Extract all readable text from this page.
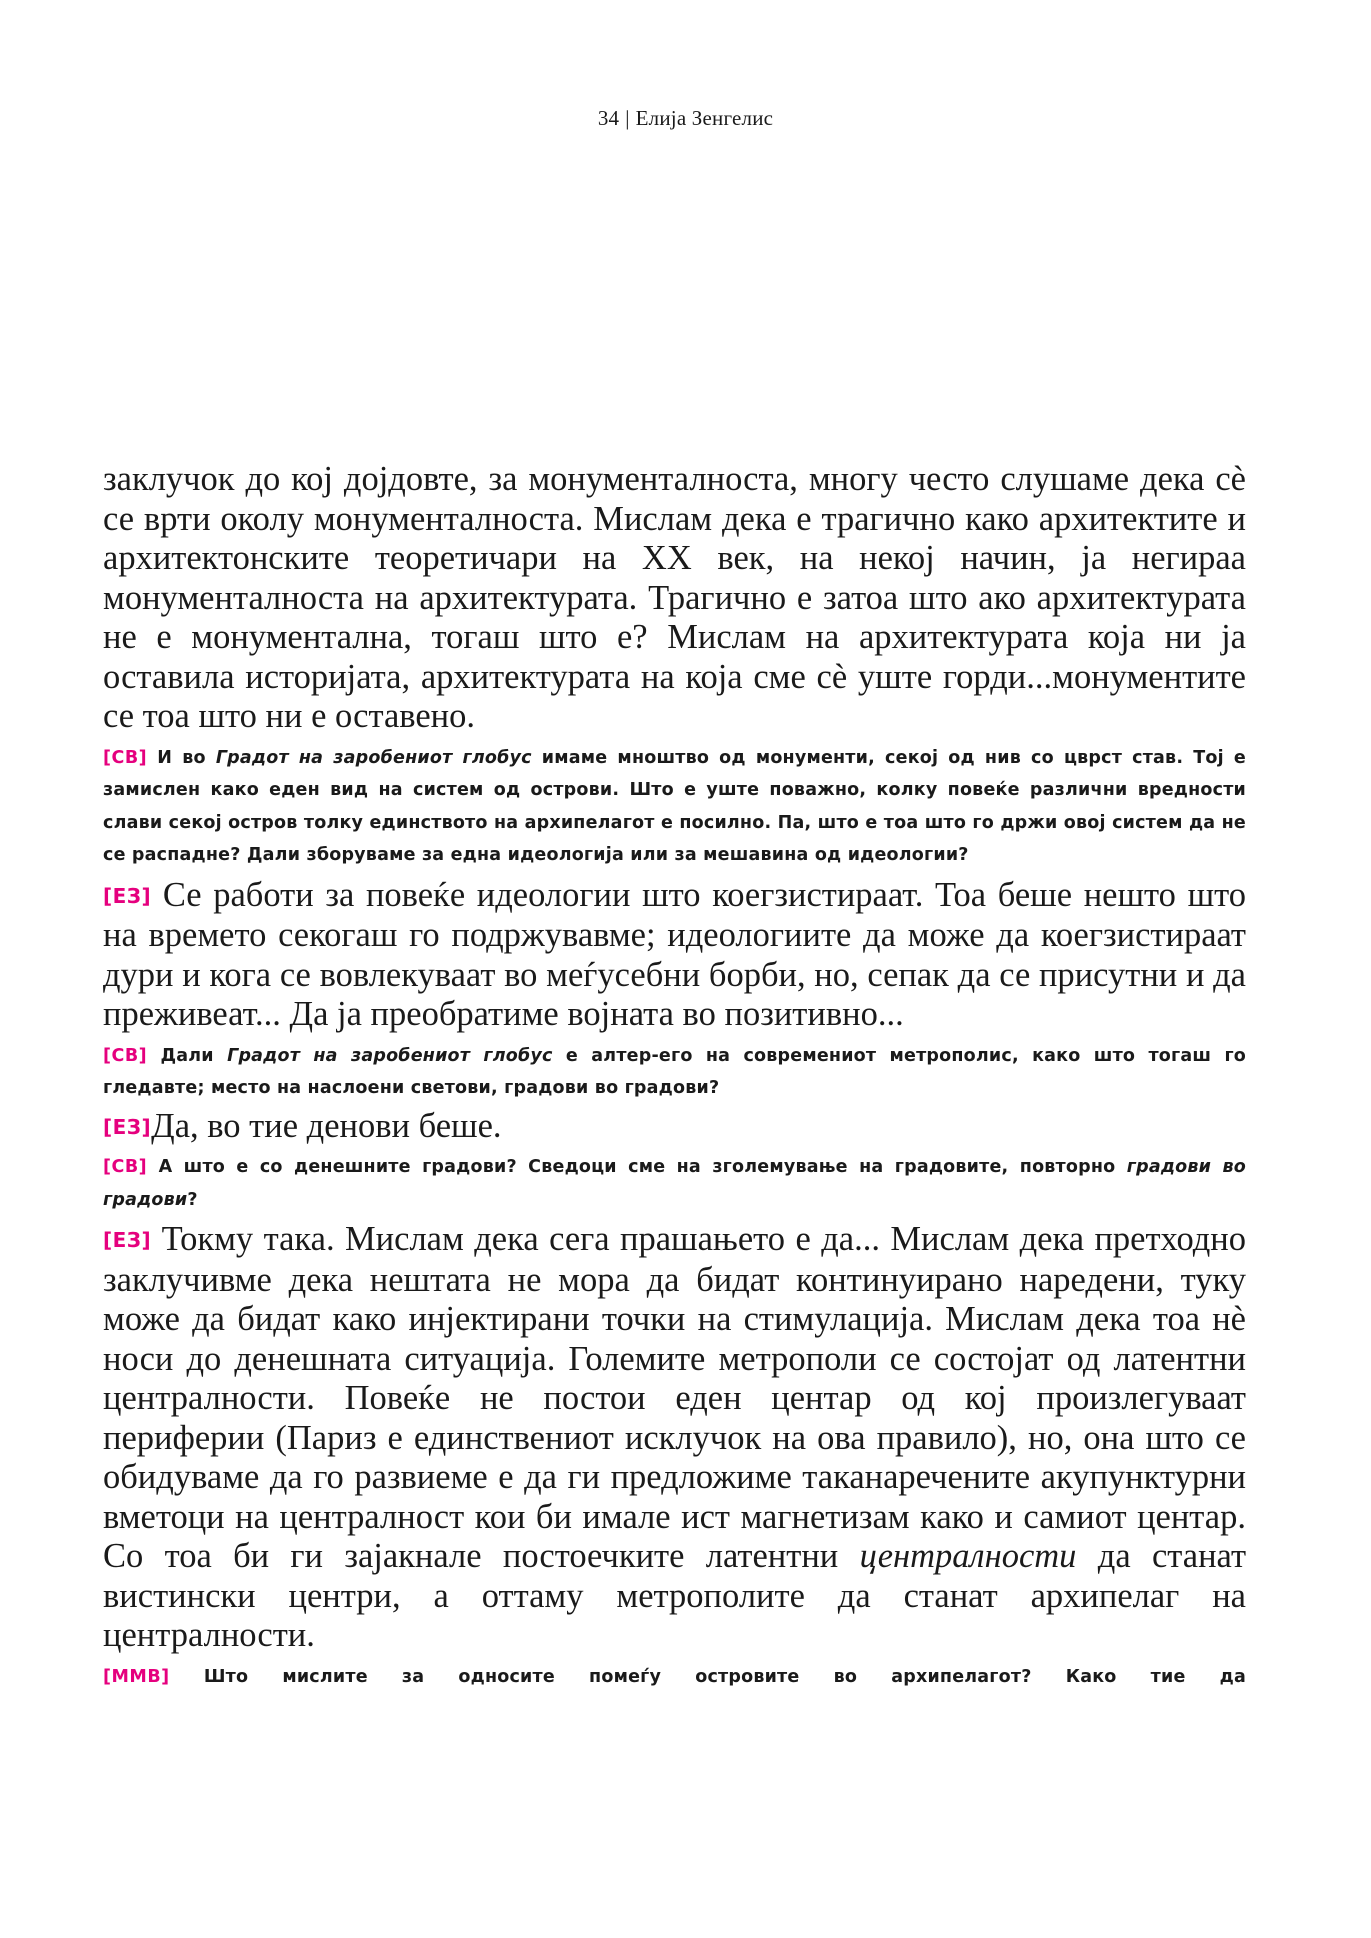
34 | Елија Зенгелис

заклучок до кој дојдовте, за монументалноста, многу често слушаме дека сè се врти околу монументалноста. Мислам дека е трагично како архитектите и архитектонските теоретичари на XX век, на некој начин, ја негираа монументалноста на архитектурата. Трагично е затоа што ако архитектурата не е монументална, тогаш што е? Мислам на архитектурата која ни ја оставила историјата, архитектурата на која сме сè уште горди...монументите се тоа што ни е оставено.

[СВ] И во Градот на заробениот глобус имаме мноштво од монументи, секој од нив со цврст став. Тој е замислен како еден вид на систем од острови. Што е уште поважно, колку повеќе различни вредности слави секој остров толку единството на архипелагот е посилно. Па, што е тоа што го држи овој систем да не се распадне? Дали зборуваме за една идеологија или за мешавина од идеологии?

[ЕЗ] Се работи за повеќе идеологии што коегзистираат. Тоа беше нешто што на времето секогаш го подржувавме; идеологиите да може да коегзистираат дури и кога се вовлекуваат во меѓусебни борби, но, сепак да се присутни и да преживеат... Да ја преобратиме војната во позитивно...

[СВ] Дали Градот на заробениот глобус е алтер-его на современиот метрополис, како што тогаш го гледавте; место на наслоени светови, градови во градови?

[ЕЗ]Да, во тие денови беше.

[СВ] А што е со денешните градови? Сведоци сме на зголемување на градовите, повторно градови во градови?

[ЕЗ] Токму така. Мислам дека сега прашањето е да... Мислам дека претходно заклучивме дека нештата не мора да бидат континуирано наредени, туку може да бидат како инјектирани точки на стимулација. Мислам дека тоа нè носи до денешната ситуација. Големите метрополи се состојат од латентни централности. Повеќе не постои еден центар од кој произлегуваат периферии (Париз е единствениот исклучок на ова правило), но, она што се обидуваме да го развиеме е да ги предложиме таканаречените акупунктурни вметоци на централност кои би имале ист магнетизам како и самиот центар. Со тоа би ги зајакнале постоечките латентни централности да станат вистински центри, а оттаму метрополите да станат архипелаг на централности.

[ММВ] Што мислите за односите помеѓу островите во архипелагот? Како тие да
